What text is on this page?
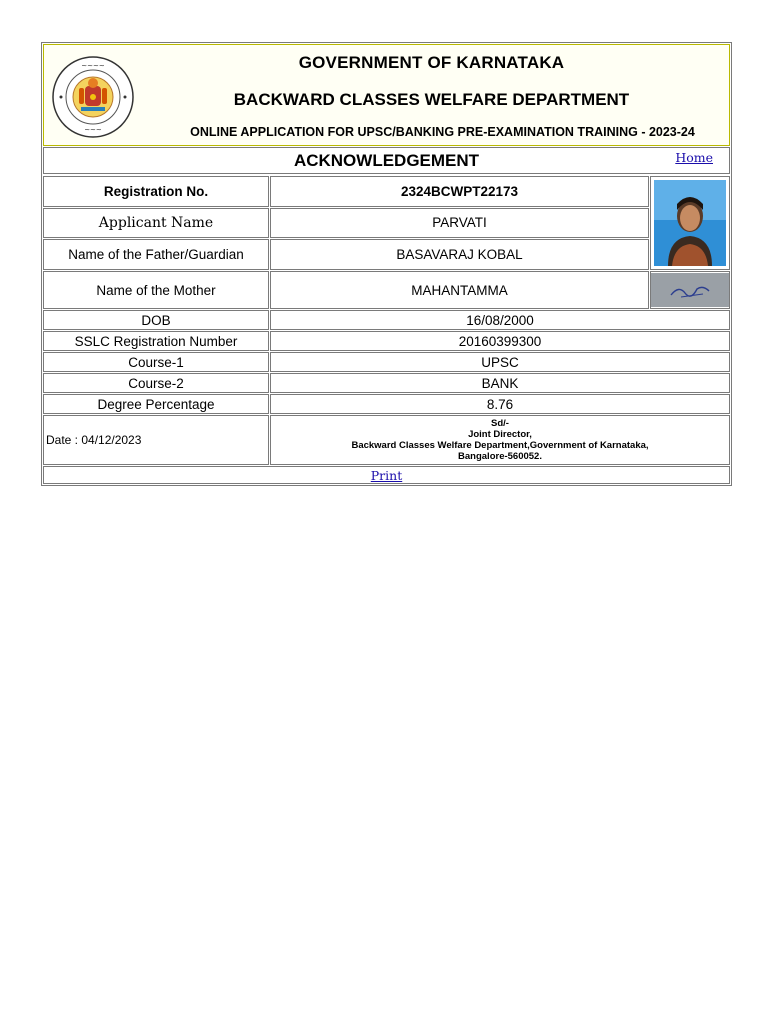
~~~~
~~~
GOVERNMENT OF KARNATAKA
BACKWARD CLASSES WELFARE DEPARTMENT
ONLINE APPLICATION FOR UPSC/BANKING PRE-EXAMINATION TRAINING - 2023-24
ACKNOWLEDGEMENT	Home
Registration No.	2324BCWPT22173	

Applicant Name	PARVATI	
Name of the Father/Guardian	BASAVARAJ KOBAL	
Name of the Mother	MAHANTAMMA	

DOB	16/08/2000	
SSLC Registration Number	20160399300	
Course-1	UPSC	
Course-2	BANK	
Degree Percentage	8.76	
Date : 04/12/2023	Sd/-
Joint Director,
Backward Classes Welfare Department,Government of Karnataka,
Bangalore-560052.	

Print		
